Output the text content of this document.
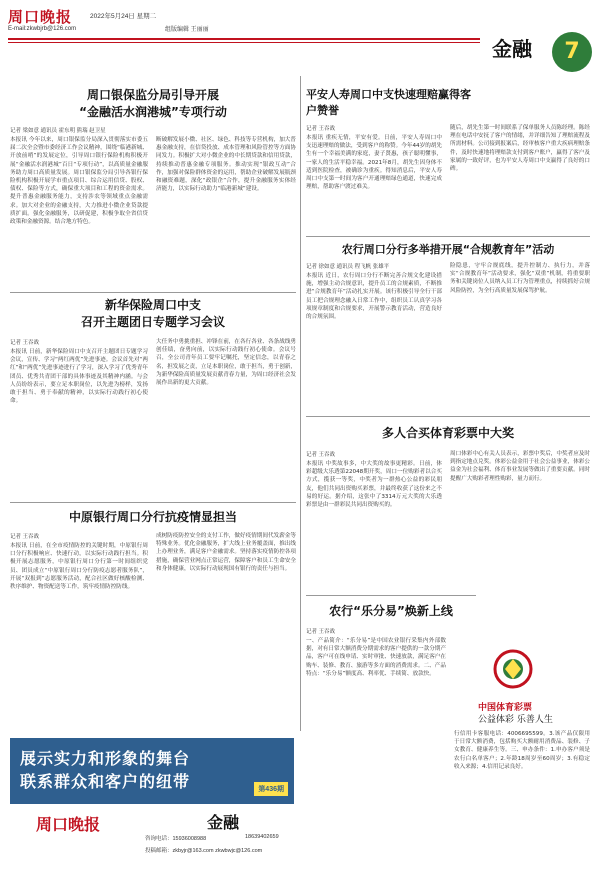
周口晚报
E-mail:zkwbjrb@126.com
2022年5月24日 星期二
组版编辑 王丽丽
金融	7
周口银保监分局引导开展
“金融活水润港城”专项行动
记者 梁如意 通讯员 霍东明 熊瑞 赵卫星
本报讯 今年以来，周口银保监分局深入贯彻落实市委五届二次全会暨市委经济工作会议精神，围绕“临港新城、开放前哨”的发展定位，引导周口银行保险机构积极开展“金融活水润港城”百日“专项行动”，以高质量金融服务助力周口高质量发展。周口银保监分局引导各银行保险机构积极开展学市重点项目、综合运用信贷、股权、债权、保险等方式，确保重大项目和工程的资金需求。提升普惠金融服务能力，支持涉农等领域重点金融需求。加大对企业的金融支持，大力推进小微企业贷款提质扩面。强化金融服务，以研促建，积极争取全省信贷政策和金融资源。结合地方特色。
断破解发展小微、社区、绿色、科技等专营机构，加大普惠金融支持，在信贷投放、成本管理和风险管控等方面协同发力。积极扩大对小微企业的中长期贷款和信用贷款，持续推动普惠金融专项服务。推动实现“银政互动”合作，加强对保险群体资金的运用，帮助企业破解发展瓶颈和融资难题，深化“政银企”合作，提升金融服务实体经济能力，以实际行动助力“临港新城”建设。
新华保险周口中支
召开主题团日专题学习会议
记者 王吞战
本报讯 日前，新华保险周口中支召开主题团日专题学习会议，宣传、学习“两红两优”先进事迹。会议首先对“两红”和“两优”先进事迹进行了学习，深入学习了优秀青年团员、优秀共青团干部的具体事迹及其精神内涵。与会人员纷纷表示，要立足本职岗位，以先进为榜样，发扬敢于担当、勇于奉献的精神，以实际行动践行初心使命。
大任务中勇挑重担、冲锋在前，在各行各业、各条战线勇创佳绩，奋勇向前，以实际行动践行初心使命。会议号召，全公司青年员工要牢记嘱托，坚定信念，以青春之名，担发展之责，立足本职岗位，敢于担当，勇于创新，为新华保险高质量发展贡献青春力量，为周口经济社会发展作出新的更大贡献。
中原银行周口分行抗疫情显担当
记者 王吞战
本报讯 日前，在全市疫情防控的关键时期，中原银行周口分行积极响应、快速行动，以实际行动践行担当。积极开展志愿服务，中原银行周口分行第一时间组织党员、团员成立“中原银行周口分行防疫志愿者服务队”，开展“双报到”志愿服务活动，配合社区做好核酸检测、秩序维护、物资配送等工作，筑牢疫情防控防线。
成树防疫防控安全的支付工作，做好疫情期间代发薪金等特殊业务。优化金融服务，扩大线上业务覆盖面，推出线上办理业务，满足客户金融需求。坚持落实疫情防控各项措施，确保营业网点正常运营，保障客户和员工生命安全和身体健康，以实际行动展现国有银行的责任与担当。
平安人寿周口中支快速理赔赢得客户赞誉
记者 王吞战
本报讯 重疾无情，平安有爱。日前，平安人寿周口中支迅速理赔的做法，受到客户的称赞。今年44岁的胡先生有一个幸福美满的家庭，妻子贤惠，孩子聪明懂事，一家人的生活平稳幸福。2021年8月，胡先生因身体不适到医院检查，被确诊为重疾。得知消息后，平安人寿周口中支第一时间为客户开通理赔绿色通道，快速完成理赔，帮助客户渡过难关。
随后，胡先生第一时间联系了保单服务人员陈经理。陈经理在电话中安抚了客户的情绪，并详细告知了理赔流程及所需材料。公司接到报案后，经审核客户重大疾病理赔条件，及时快速地将理赔款支付到客户账户，赢得了客户及家属的一致好评，也为平安人寿周口中支赢得了良好的口碑。
农行周口分行多举措开展“合规教育年”活动
记者 徐如意 通讯员 程飞帆 张雄平
本报讯 近日，农行周口分行不断完善合规文化建设措施，增强主动合规意识，提升员工的合规素质，不断推进“合规教育年”活动扎实开展。该行积极引导全行干部员工把合规理念融入日常工作中，组织员工认真学习各项规章制度和合规要求，开展警示教育活动，营造良好的合规氛围。
险隐患，守牢合规底线，提升控制力、执行力，并落实“合规教育年”活动要求，强化“双重”机制，将重要职务和关键岗位人员纳入员工行为管理重点，持续抓好合规风险防控，为全行高质量发展保驾护航。
多人合买体育彩票中大奖
记者 王吞战
本报讯 中奖故事多，中大奖的故事更精彩。日前，体彩超级大乐透第22048期开奖，周口一位购彩者以合买方式，揽获一等奖，中奖者为一群热心公益的彩民朋友，他们共同出资购买彩票，并最终收获了这份来之不易的好运。据介绍，这张中了3314万元大奖的大乐透彩票是由一群彩民共同出资购买的。
周口体彩中心有关人员表示，彩票中奖后，中奖者应及时到指定地点兑奖。体彩公益金用于社会公益事业，体彩公益金为社会福利、体育事业发展等做出了重要贡献。同时提醒广大购彩者理性购彩，量力而行。
中国体育彩票
公益体彩 乐善人生
农行“乐分易”焕新上线
记者 王吞战
一、产品简介：“乐分易”是中国农业银行采集内外部数据，对有日常大额消费分期需求的客户提供的一款分期产品，客户可在线申请、实时审批、快速放款，满足客户在购车、装修、教育、旅游等多方面的消费需求。二、产品特点：“乐分易”额度高、利率优、手续简、放款快。
行信用卡客服电话：4006695599。3.该产品仅限用于日常大额消费，包括购买大额耐用消费品、装修、子女教育、健康养生等。三、申办条件：1.申办客户须是农行白名单客户；2.年龄18周岁至60周岁；3.有稳定收入来源；4.信用记录良好。
展示实力和形象的舞台
联系群众和客户的纽带	第436期
周口晚报	金融
咨询电话：15936008988	18639402659
投稿邮箱：zkbyjr@163.com zkwbwjc@126.com
